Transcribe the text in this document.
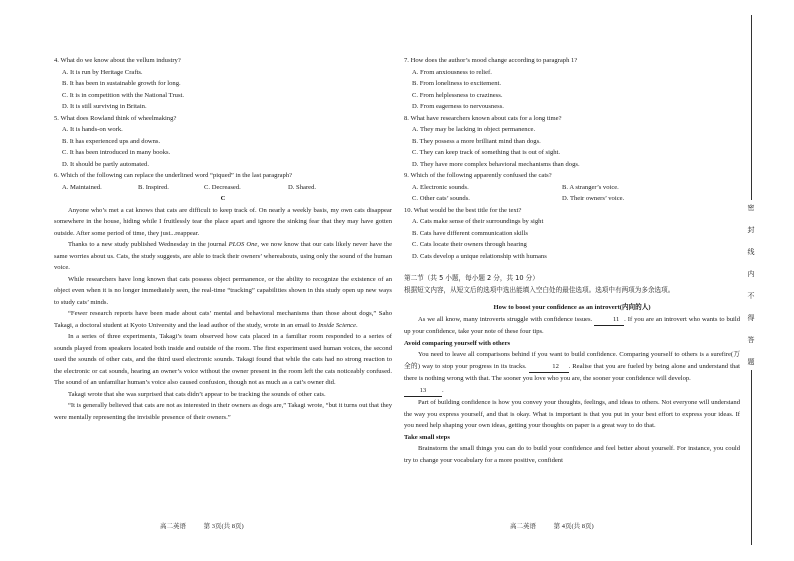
4. What do we know about the vellum industry?

A. It is run by Heritage Crafts.

B. It has been in sustainable growth for long.

C. It is in competition with the National Trust.

D. It is still surviving in Britain.

5. What does Rowland think of wheelmaking?

A. It is hands-on work.

B. It has experienced ups and downs.

C. It has been introduced in many books.

D. It should be partly automated.

6. Which of the following can replace the underlined word “piqued” in the last paragraph?

A. Maintained.	B. Inspired.	C. Decreased.	D. Shared.

C

Anyone who’s met a cat knows that cats are difficult to keep track of. On nearly a weekly basis, my own cats disappear somewhere in the house, hiding while I fruitlessly tear the place apart and ignore the sinking fear that they may have gotten outside. After some period of time, they just...reappear.

Thanks to a new study published Wednesday in the journal PLOS One, we now know that our cats likely never have the same worries about us. Cats, the study suggests, are able to track their owners’ whereabouts, using only the sound of the human voice.

While researchers have long known that cats possess object permanence, or the ability to recognize the existence of an object even when it is no longer immediately seen, the real-time “tracking” capabilities shown in this study open up new ways to study cats’ minds.

“Fewer research reports have been made about cats’ mental and behavioral mechanisms than those about dogs,” Saho Takagi, a doctoral student at Kyoto University and the lead author of the study, wrote in an email to Inside Science.

In a series of three experiments, Takagi’s team observed how cats placed in a familiar room responded to a series of sounds played from speakers located both inside and outside of the room. The first experiment used human voices, the second used the sounds of other cats, and the third used electronic sounds. Takagi found that while the cats had no strong reaction to the electronic or cat sounds, hearing an owner’s voice without the owner present in the room left the cats noticeably confused. The sound of an unfamiliar human’s voice also caused confusion, though not as much as a cat’s owner did.

Takagi wrote that she was surprised that cats didn’t appear to be tracking the sounds of other cats.

“It is generally believed that cats are not as interested in their owners as dogs are,” Takagi wrote, “but it turns out that they were mentally representing the invisible presence of their owners.”

7. How does the author’s mood change according to paragraph 1?

A. From anxiousness to relief.

B. From loneliness to excitement.

C. From helplessness to craziness.

D. From eagerness to nervousness.

8. What have researchers known about cats for a long time?

A. They may be lacking in object permanence.

B. They possess a more brilliant mind than dogs.

C. They can keep track of something that is out of sight.

D. They have more complex behavioral mechanisms than dogs.

9. Which of the following apparently confused the cats?

A. Electronic sounds.	B. A stranger’s voice.
C. Other cats’ sounds.	D. Their owners’ voice.

10. What would be the best title for the text?

A. Cats make sense of their surroundings by sight

B. Cats have different communication skills

C. Cats locate their owners through hearing

D. Cats develop a unique relationship with humans

第二节（共 5 小题，每小题 2 分，共 10 分）

根据短文内容，从短文后的选项中选出能填入空白处的最佳选项。选项中有两项为多余选项。

How to boost your confidence as an introvert(内向的人)

As we all know, many introverts struggle with confidence issues.	11 . If you are an introvert who wants to build up your confidence, take your note of these four tips.

Avoid comparing yourself with others

You need to leave all comparisons behind if you want to build confidence. Comparing yourself to others is a surefire(万全的) way to stop your progress in its tracks.	12 . Realise that you are fueled by being alone and understand that there is nothing wrong with that. The sooner you love who you are, the sooner your confidence will develop.

13 .

Part of building confidence is how you convey your thoughts, feelings, and ideas to others. Not everyone will understand the way you express yourself, and that is okay. What is important is that you put in your best effort to express your ideas. If you need help shaping your own ideas, getting your thoughts on paper is a great way to do that.

Take small steps

Brainstorm the small things you can do to build your confidence and feel better about yourself. For instance, you could try to change your vocabulary for a more positive, confident

高二英语	第 3页(共 8页)	高二英语	第 4页(共 8页)
密
封
线
内
不
得
答
题
